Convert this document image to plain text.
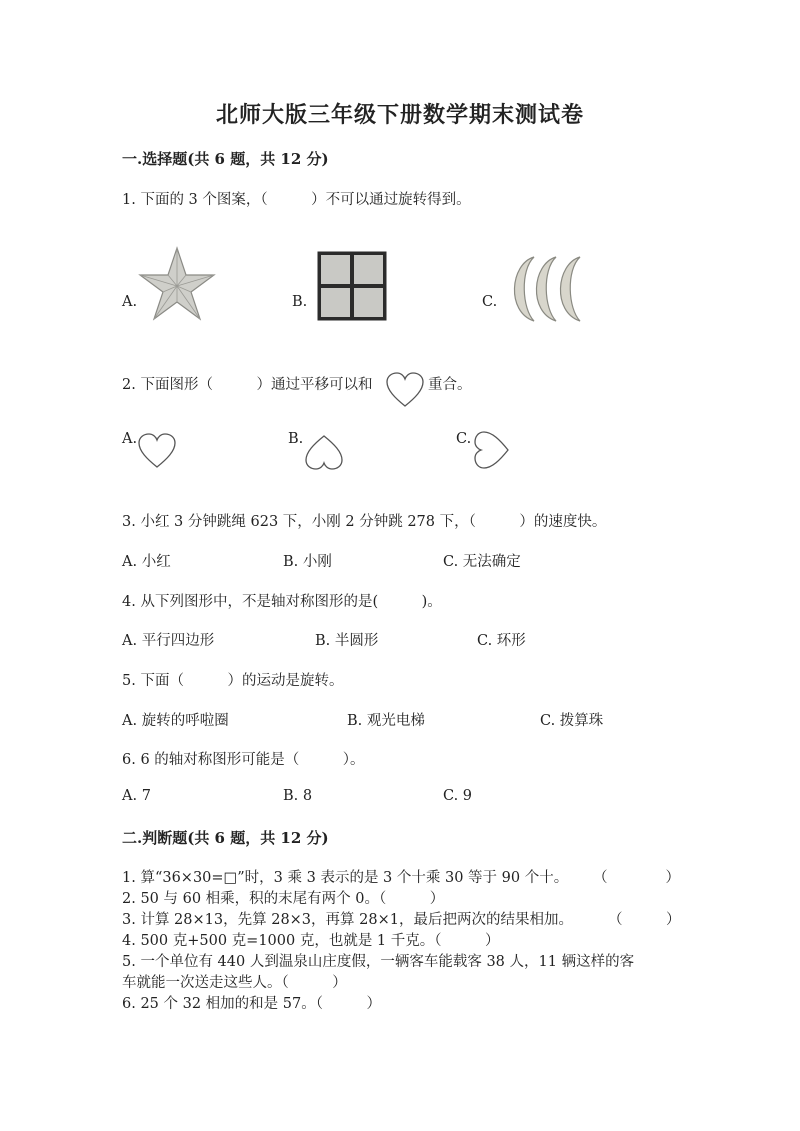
北师大版三年级下册数学期末测试卷
一.选择题(共 6 题，共 12 分)
1. 下面的 3 个图案，（　　　）不可以通过旋转得到。
A.	B.	C.
2. 下面图形（　　　）通过平移可以和	重合。
A.	B.	C.
3. 小红 3 分钟跳绳 623 下，小刚 2 分钟跳 278 下，（　　　）的速度快。
A. 小红	B. 小刚	C. 无法确定
4. 从下列图形中，不是轴对称图形的是(　　　)。
A. 平行四边形	B. 半圆形	C. 环形
5. 下面（　　　）的运动是旋转。
A. 旋转的呼啦圈	B. 观光电梯	C. 拨算珠
6. 6 的轴对称图形可能是（　　　）。
A. 7	B. 8	C. 9
二.判断题(共 6 题，共 12 分)
1. 算“36×30=□”时，3 乘 3 表示的是 3 个十乘 30 等于 90 个十。 （　　　　）
2. 50 与 60 相乘，积的末尾有两个 0。（　　　）
3. 计算 28×13，先算 28×3，再算 28×1，最后把两次的结果相加。 （　　　）
4. 500 克+500 克=1000 克，也就是 1 千克。（　　　）
5. 一个单位有 440 人到温泉山庄度假，一辆客车能载客 38 人，11 辆这样的客
车就能一次送走这些人。（　　　）
6. 25 个 32 相加的和是 57。（　　　）
